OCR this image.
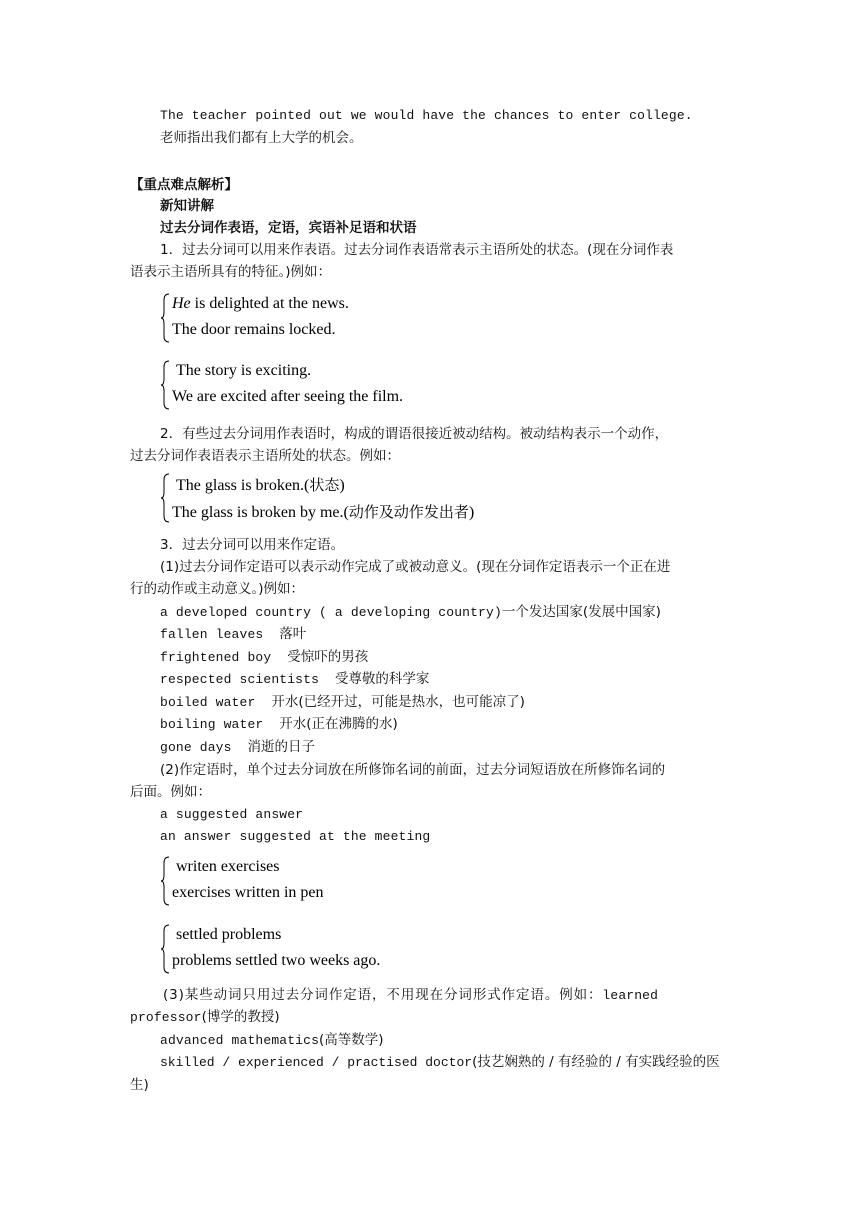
The teacher pointed out we would have the chances to enter college.
老师指出我们都有上大学的机会。
【重点难点解析】
新知讲解
过去分词作表语，定语，宾语补足语和状语
1．过去分词可以用来作表语。过去分词作表语常表示主语所处的状态。(现在分词作表
语表示主语所具有的特征。)例如：
He is delighted at the news.
The door remains locked.
The story is exciting.
We are excited after seeing the film.
2．有些过去分词用作表语时，构成的谓语很接近被动结构。被动结构表示一个动作，
过去分词作表语表示主语所处的状态。例如：
The glass is broken.(状态)
The glass is broken by me.(动作及动作发出者)
3．过去分词可以用来作定语。
(1)过去分词作定语可以表示动作完成了或被动意义。(现在分词作定语表示一个正在进
行的动作或主动意义。)例如：
a developed country ( a developing country)一个发达国家(发展中国家)
fallen leaves  落叶
frightened boy  受惊吓的男孩
respected scientists  受尊敬的科学家
boiled water  开水(已经开过，可能是热水，也可能凉了)
boiling water  开水(正在沸腾的水)
gone days  消逝的日子
(2)作定语时，单个过去分词放在所修饰名词的前面，过去分词短语放在所修饰名词的
后面。例如：
a suggested answer
an answer suggested at the meeting
writen exercises
exercises written in pen
settled problems
problems settled two weeks ago.
(3)某些动词只用过去分词作定语，不用现在分词形式作定语。例如：learned
professor(博学的教授)
advanced mathematics(高等数学)
skilled / experienced / practised doctor(技艺娴熟的 / 有经验的 / 有实践经验的医
生)
